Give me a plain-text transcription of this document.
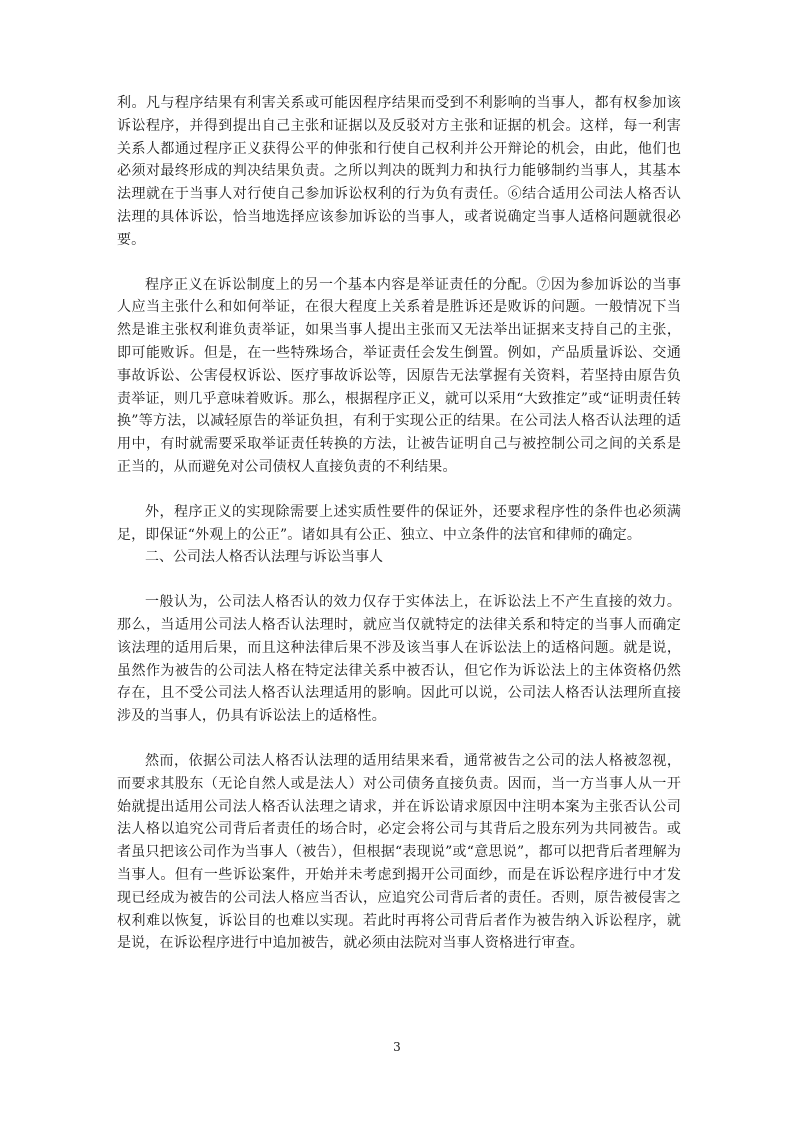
利。凡与程序结果有利害关系或可能因程序结果而受到不利影响的当事人，都有权参加该诉讼程序，并得到提出自己主张和证据以及反驳对方主张和证据的机会。这样，每一利害关系人都通过程序正义获得公平的伸张和行使自己权利并公开辩论的机会，由此，他们也必须对最终形成的判决结果负责。之所以判决的既判力和执行力能够制约当事人，其基本法理就在于当事人对行使自己参加诉讼权利的行为负有责任。⑥结合适用公司法人格否认法理的具体诉讼，恰当地选择应该参加诉讼的当事人，或者说确定当事人适格问题就很必要。

程序正义在诉讼制度上的另一个基本内容是举证责任的分配。⑦因为参加诉讼的当事人应当主张什么和如何举证，在很大程度上关系着是胜诉还是败诉的问题。一般情况下当然是谁主张权利谁负责举证，如果当事人提出主张而又无法举出证据来支持自己的主张，即可能败诉。但是，在一些特殊场合，举证责任会发生倒置。例如，产品质量诉讼、交通事故诉讼、公害侵权诉讼、医疗事故诉讼等，因原告无法掌握有关资料，若坚持由原告负责举证，则几乎意味着败诉。那么，根据程序正义，就可以采用“大致推定”或“证明责任转换”等方法，以减轻原告的举证负担，有利于实现公正的结果。在公司法人格否认法理的适用中，有时就需要采取举证责任转换的方法，让被告证明自己与被控制公司之间的关系是正当的，从而避免对公司债权人直接负责的不利结果。

外，程序正义的实现除需要上述实质性要件的保证外，还要求程序性的条件也必须满足，即保证“外观上的公正”。诸如具有公正、独立、中立条件的法官和律师的确定。

二、公司法人格否认法理与诉讼当事人

一般认为，公司法人格否认的效力仅存于实体法上，在诉讼法上不产生直接的效力。那么，当适用公司法人格否认法理时，就应当仅就特定的法律关系和特定的当事人而确定该法理的适用后果，而且这种法律后果不涉及该当事人在诉讼法上的适格问题。就是说，虽然作为被告的公司法人格在特定法律关系中被否认，但它作为诉讼法上的主体资格仍然存在，且不受公司法人格否认法理适用的影响。因此可以说，公司法人格否认法理所直接涉及的当事人，仍具有诉讼法上的适格性。

然而，依据公司法人格否认法理的适用结果来看，通常被告之公司的法人格被忽视，而要求其股东（无论自然人或是法人）对公司债务直接负责。因而，当一方当事人从一开始就提出适用公司法人格否认法理之请求，并在诉讼请求原因中注明本案为主张否认公司法人格以追究公司背后者责任的场合时，必定会将公司与其背后之股东列为共同被告。或者虽只把该公司作为当事人（被告），但根据“表现说”或“意思说”，都可以把背后者理解为当事人。但有一些诉讼案件，开始并未考虑到揭开公司面纱，而是在诉讼程序进行中才发现已经成为被告的公司法人格应当否认，应追究公司背后者的责任。否则，原告被侵害之权利难以恢复，诉讼目的也难以实现。若此时再将公司背后者作为被告纳入诉讼程序，就是说，在诉讼程序进行中追加被告，就必须由法院对当事人资格进行审查。

3
